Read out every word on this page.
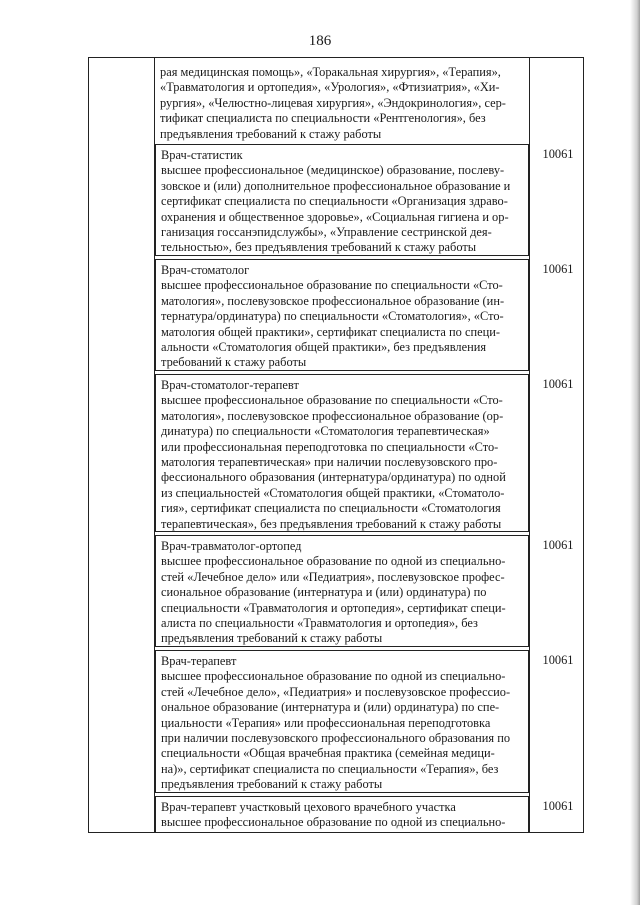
186
рая медицинская помощь», «Торакальная хирургия», «Терапия»,
«Травматология и ортопедия», «Урология», «Фтизиатрия», «Хи-
рургия», «Челюстно-лицевая хирургия», «Эндокринология», сер-
тификат специалиста по специальности «Рентгенология», без
предъявления требований к стажу работы
Врач-статистик
высшее профессиональное (медицинское) образование, послеву-
зовское и (или) дополнительное профессиональное образование и
сертификат специалиста по специальности «Организация здраво-
охранения и общественное здоровье», «Социальная гигиена и ор-
ганизация госсанэпидслужбы», «Управление сестринской дея-
тельностью», без предъявления требований к стажу работы
10061
Врач-стоматолог
высшее профессиональное образование по специальности «Сто-
матология», послевузовское профессиональное образование (ин-
тернатура/ординатура) по специальности «Стоматология», «Сто-
матология общей практики», сертификат специалиста по специ-
альности «Стоматология общей практики», без предъявления
требований к стажу работы
10061
Врач-стоматолог-терапевт
высшее профессиональное образование по специальности «Сто-
матология», послевузовское профессиональное образование (ор-
динатура) по специальности «Стоматология терапевтическая»
или профессиональная переподготовка по специальности «Сто-
матология терапевтическая» при наличии послевузовского про-
фессионального образования (интернатура/ординатура) по одной
из специальностей «Стоматология общей практики, «Стоматоло-
гия», сертификат специалиста по специальности «Стоматология
терапевтическая», без предъявления требований к стажу работы
10061
Врач-травматолог-ортопед
высшее профессиональное образование по одной из специально-
стей «Лечебное дело» или «Педиатрия», послевузовское профес-
сиональное образование (интернатура и (или) ординатура) по
специальности «Травматология и ортопедия», сертификат специ-
алиста по специальности «Травматология и ортопедия», без
предъявления требований к стажу работы
10061
Врач-терапевт
высшее профессиональное образование по одной из специально-
стей «Лечебное дело», «Педиатрия» и послевузовское профессио-
ональное образование (интернатура и (или) ординатура) по спе-
циальности «Терапия» или профессиональная переподготовка
при наличии послевузовского профессионального образования по
специальности «Общая врачебная практика (семейная медици-
на)», сертификат специалиста по специальности «Терапия», без
предъявления требований к стажу работы
10061
Врач-терапевт участковый цехового врачебного участка
высшее профессиональное образование по одной из специально-
10061
